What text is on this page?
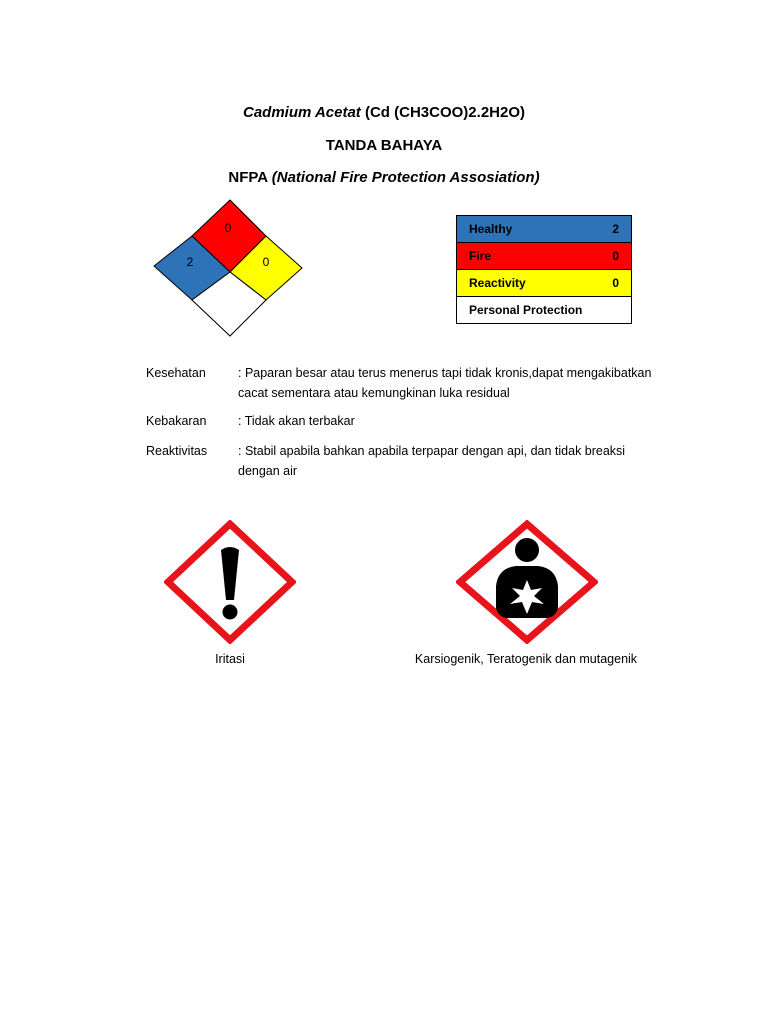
Cadmium Acetat (Cd (CH3COO)2.2H2O)
TANDA BAHAYA
NFPA (National Fire Protection Assosiation)
0
2	0
Healthy	2
Fire	0
Reactivity	0
Personal Protection	
Kesehatan	: Paparan besar atau terus menerus tapi tidak kronis,dapat mengakibatkan cacat sementara atau kemungkinan luka residual
Kebakaran	: Tidak akan terbakar
Reaktivitas	: Stabil apabila bahkan apabila terpapar dengan api, dan tidak breaksi dengan air
Iritasi	Karsiogenik, Teratogenik dan mutagenik
